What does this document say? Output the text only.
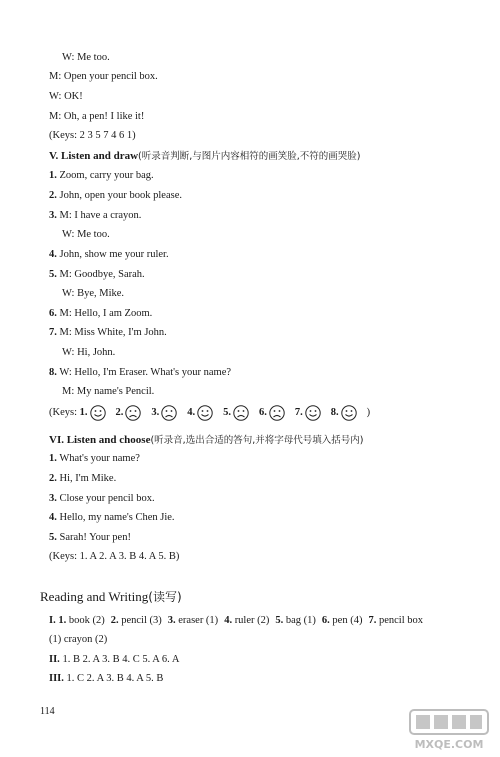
W: Me too.
M: Open your pencil box.
W: OK!
M: Oh, a pen! I like it!
(Keys: 2 3 5 7 4 6 1)
V. Listen and draw(听录音判断,与图片内容相符的画笑脸,不符的画哭脸)
1. Zoom, carry your bag.
2. John, open your book please.
3. M: I have a crayon.
W: Me too.
4. John, show me your ruler.
5. M: Goodbye, Sarah.
W: Bye, Mike.
6. M: Hello, I am Zoom.
7. M: Miss White, I'm John.
W: Hi, John.
8. W: Hello, I'm Eraser. What's your name?
M: My name's Pencil.
(Keys: 1.	2.	3.	4.	5.	6.	7.	8.	)
VI. Listen and choose(听录音,选出合适的答句,并将字母代号填入括号内)
1. What's your name?
2. Hi, I'm Mike.
3. Close your pencil box.
4. Hello, my name's Chen Jie.
5. Sarah! Your pen!
(Keys: 1. A 2. A 3. B 4. A 5. B)
Reading and Writing(读写)
I. 1. book (2) 2. pencil (3) 3. eraser (1) 4. ruler (2) 5. bag (1) 6. pen (4) 7. pencil box
(1) crayon (2)
II. 1. B 2. A 3. B 4. C 5. A 6. A
III. 1. C 2. A 3. B 4. A 5. B
114
MXQE.COM
